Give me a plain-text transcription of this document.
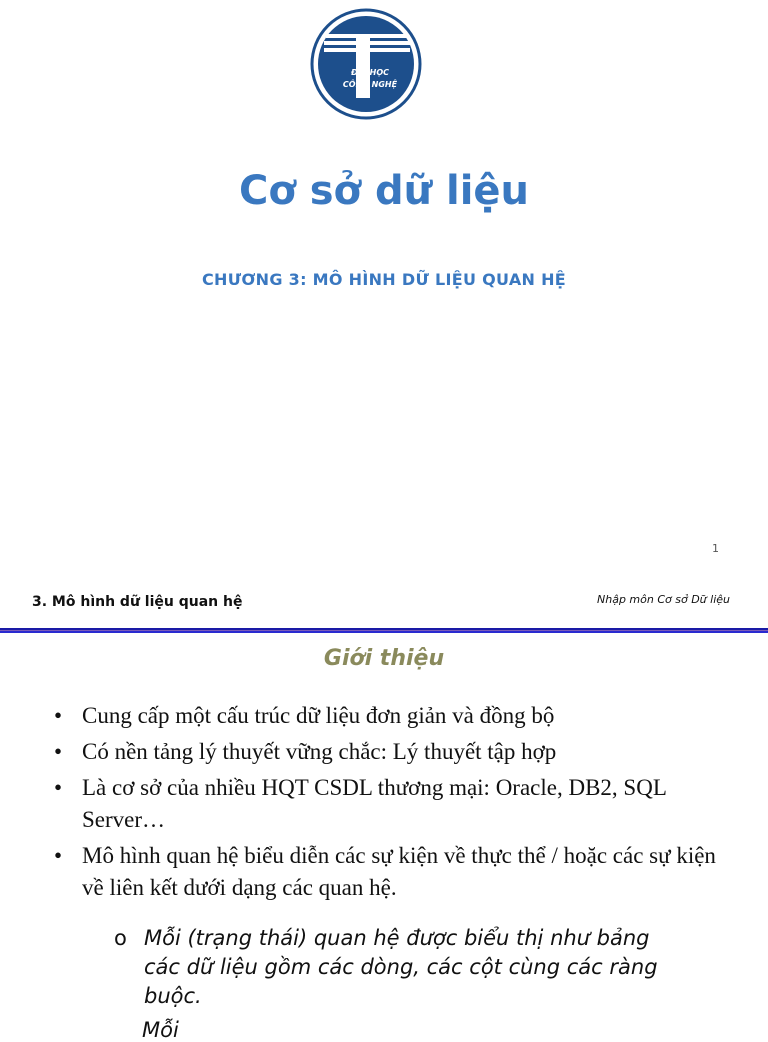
ĐẠI HỌC
CÔNG NGHỆ
Cơ sở dữ liệu
CHƯƠNG 3: MÔ HÌNH DỮ LIỆU QUAN HỆ
1
3. Mô hình dữ liệu quan hệ	Nhập môn Cơ sở Dữ liệu
Giới thiệu
• Cung cấp một cấu trúc dữ liệu đơn giản và đồng bộ
• Có nền tảng lý thuyết vững chắc: Lý thuyết tập hợp
• Là cơ sở của nhiều HQT CSDL thương mại: Oracle, DB2, SQL Server…
• Mô hình quan hệ biểu diễn các sự kiện về thực thể / hoặc các sự kiện về liên kết dưới dạng các quan hệ.
o Mỗi (trạng thái) quan hệ được biểu thị như bảng các dữ liệu gồm các dòng, các cột cùng các ràng buộc.
Mỗi
